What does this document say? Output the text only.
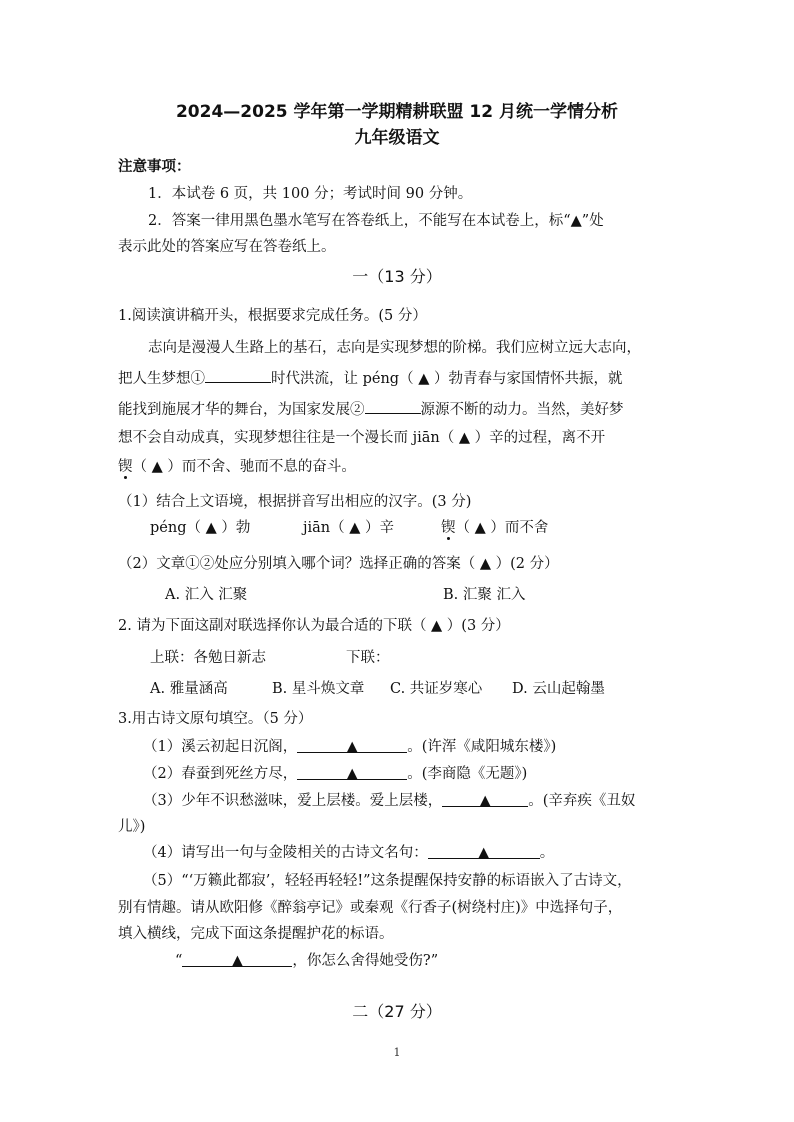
2024—2025 学年第一学期精耕联盟 12 月统一学情分析
九年级语文
注意事项：
1．本试卷 6 页，共 100 分；考试时间 90 分钟。
2．答案一律用黑色墨水笔写在答卷纸上，不能写在本试卷上，标“▲”处
表示此处的答案应写在答卷纸上。
一（13 分）
1.阅读演讲稿开头，根据要求完成任务。(5 分）
志向是漫漫人生路上的基石，志向是实现梦想的阶梯。我们应树立远大志向，
把人生梦想①	时代洪流，让 péng（ ▲ ）勃青春与家国情怀共振，就
能找到施展才华的舞台，为国家发展②	源源不断的动力。当然，美好梦
想不会自动成真，实现梦想往往是一个漫长而 jiān（ ▲ ）辛的过程，离不开
锲（ ▲ ）而不舍、驰而不息的奋斗。
（1）结合上文语境，根据拼音写出相应的汉字。(3 分)
péng（ ▲ ）勃	jiān（ ▲ ）辛	锲（ ▲ ）而不舍
（2）文章①②处应分别填入哪个词？选择正确的答案（ ▲ ）(2 分）
A. 汇入 汇聚	B. 汇聚 汇入
2. 请为下面这副对联选择你认为最合适的下联（ ▲ ）(3 分）
上联：各勉日新志	下联：
A. 雅量涵高	B. 星斗焕文章 C. 共证岁寒心 D. 云山起翰墨
3.用古诗文原句填空。（5 分）
（1）溪云初起日沉阁，	▲	。(许浑《咸阳城东楼》)
（2）春蚕到死丝方尽，	▲	。(李商隐《无题》)
（3）少年不识愁滋味，爱上层楼。爱上层楼，	▲	。(辛弃疾《丑奴
儿》)
（4）请写出一句与金陵相关的古诗文名句：	▲	。
（5）“‘万籁此都寂’，轻轻再轻轻!”这条提醒保持安静的标语嵌入了古诗文，
别有情趣。请从欧阳修《醉翁亭记》或秦观《行香子(树绕村庄)》中选择句子，
填入横线，完成下面这条提醒护花的标语。
“	▲	，你怎么舍得她受伤?”
二（27 分）
1
